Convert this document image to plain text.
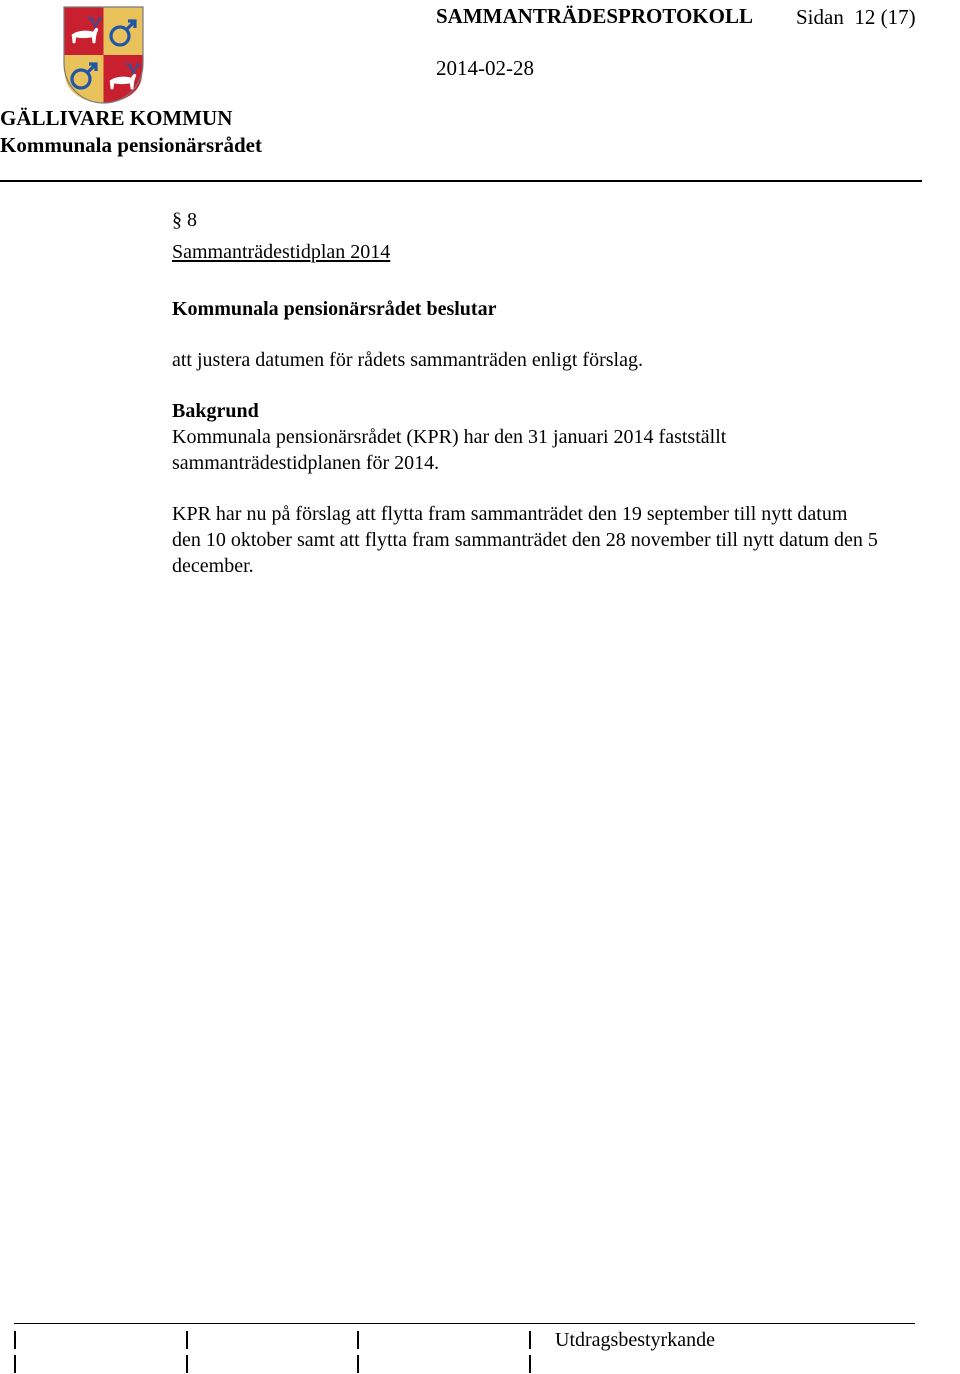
SAMMANTRÄDESPROTOKOLL Sidan  12 (17)
2014-02-28
GÄLLIVARE KOMMUN
Kommunala pensionärsrådet
§ 8
Sammanträdestidplan 2014
Kommunala pensionärsrådet beslutar
att justera datumen för rådets sammanträden enligt förslag.
Bakgrund
Kommunala pensionärsrådet (KPR) har den 31 januari 2014 fastställt
sammanträdestidplanen för 2014.
KPR har nu på förslag att flytta fram sammanträdet den 19 september till nytt datum
den 10 oktober samt att flytta fram sammanträdet den 28 november till nytt datum den 5
december.
Utdragsbestyrkande
